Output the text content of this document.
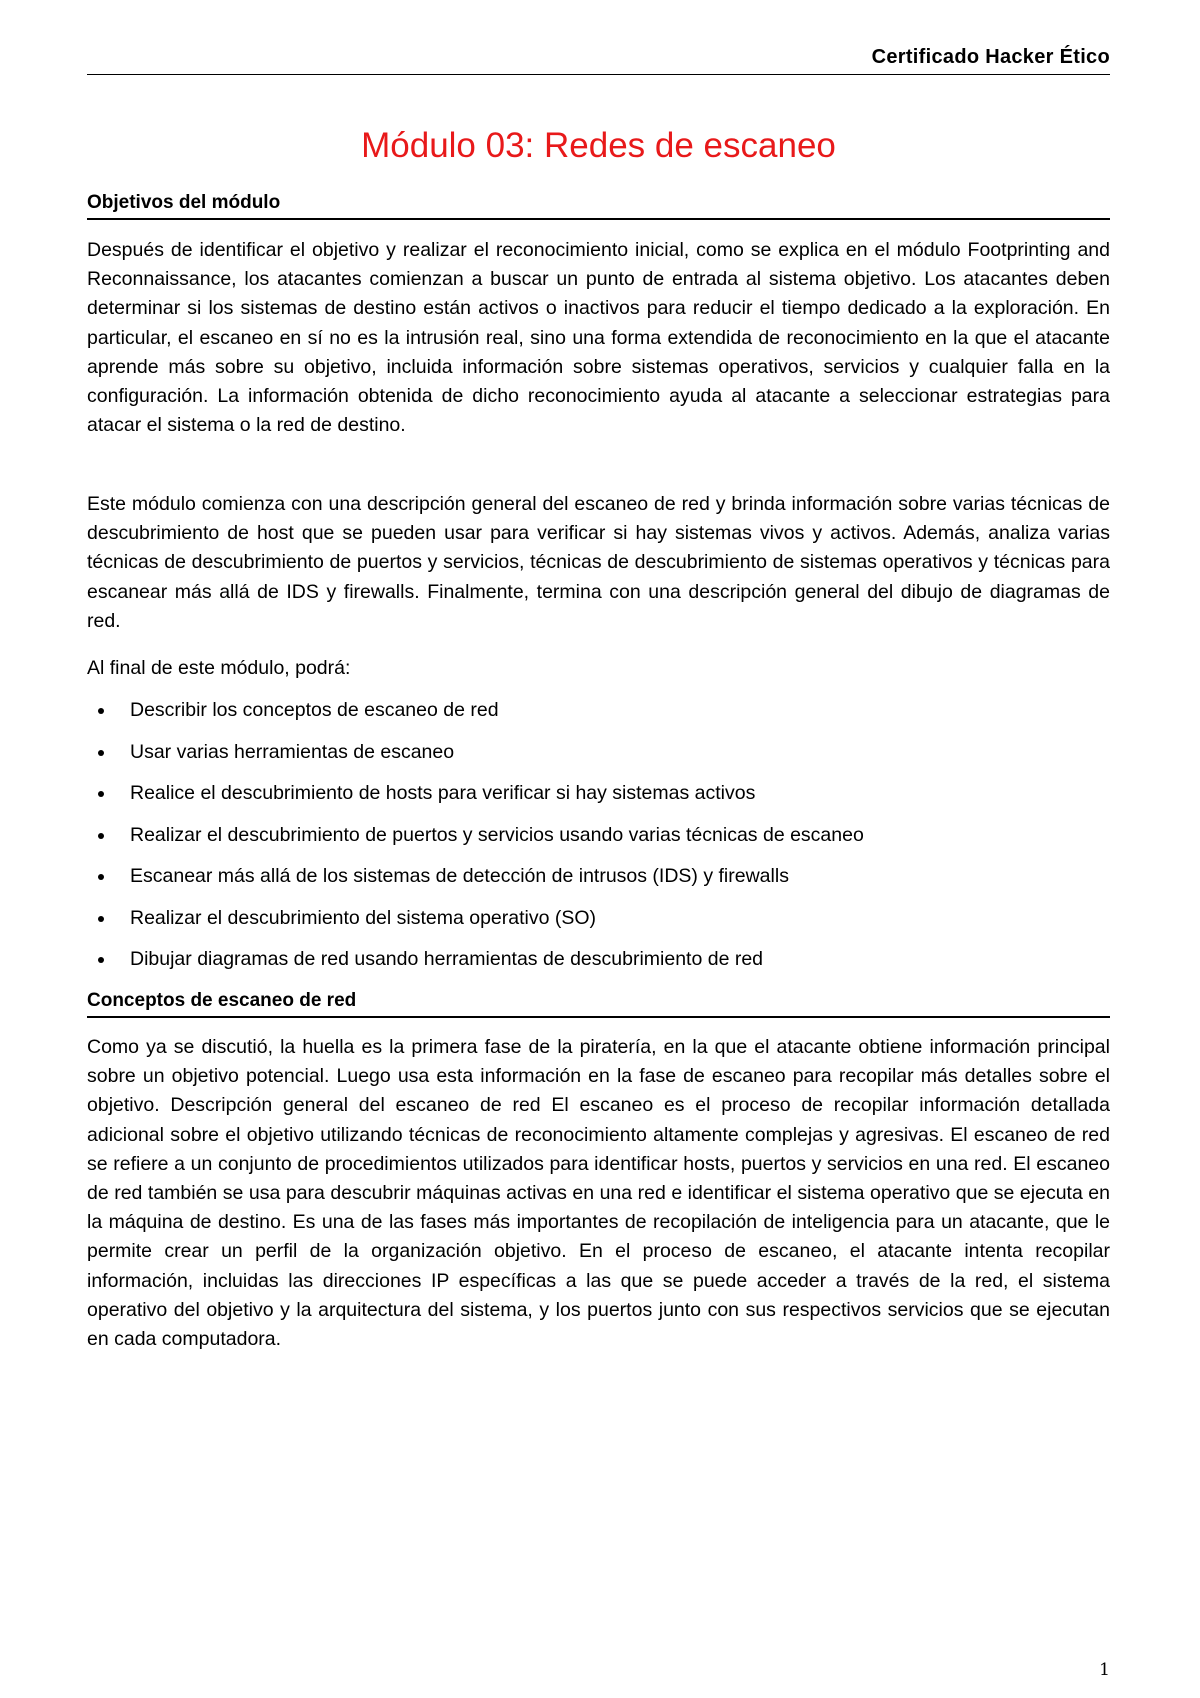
Certificado Hacker Ético
Módulo 03: Redes de escaneo
Objetivos del módulo

Después de identificar el objetivo y realizar el reconocimiento inicial, como se explica en el módulo Footprinting and Reconnaissance, los atacantes comienzan a buscar un punto de entrada al sistema objetivo. Los atacantes deben determinar si los sistemas de destino están activos o inactivos para reducir el tiempo dedicado a la exploración. En particular, el escaneo en sí no es la intrusión real, sino una forma extendida de reconocimiento en la que el atacante aprende más sobre su objetivo, incluida información sobre sistemas operativos, servicios y cualquier falla en la configuración. La información obtenida de dicho reconocimiento ayuda al atacante a seleccionar estrategias para atacar el sistema o la red de destino.

Este módulo comienza con una descripción general del escaneo de red y brinda información sobre varias técnicas de descubrimiento de host que se pueden usar para verificar si hay sistemas vivos y activos. Además, analiza varias técnicas de descubrimiento de puertos y servicios, técnicas de descubrimiento de sistemas operativos y técnicas para escanear más allá de IDS y firewalls. Finalmente, termina con una descripción general del dibujo de diagramas de red.

Al final de este módulo, podrá:

Describir los conceptos de escaneo de red
Usar varias herramientas de escaneo
Realice el descubrimiento de hosts para verificar si hay sistemas activos
Realizar el descubrimiento de puertos y servicios usando varias técnicas de escaneo
Escanear más allá de los sistemas de detección de intrusos (IDS) y firewalls
Realizar el descubrimiento del sistema operativo (SO)
Dibujar diagramas de red usando herramientas de descubrimiento de red
Conceptos de escaneo de red

Como ya se discutió, la huella es la primera fase de la piratería, en la que el atacante obtiene información principal sobre un objetivo potencial. Luego usa esta información en la fase de escaneo para recopilar más detalles sobre el objetivo. Descripción general del escaneo de red El escaneo es el proceso de recopilar información detallada adicional sobre el objetivo utilizando técnicas de reconocimiento altamente complejas y agresivas. El escaneo de red se refiere a un conjunto de procedimientos utilizados para identificar hosts, puertos y servicios en una red. El escaneo de red también se usa para descubrir máquinas activas en una red e identificar el sistema operativo que se ejecuta en la máquina de destino. Es una de las fases más importantes de recopilación de inteligencia para un atacante, que le permite crear un perfil de la organización objetivo. En el proceso de escaneo, el atacante intenta recopilar información, incluidas las direcciones IP específicas a las que se puede acceder a través de la red, el sistema operativo del objetivo y la arquitectura del sistema, y los puertos junto con sus respectivos servicios que se ejecutan en cada computadora.

1
